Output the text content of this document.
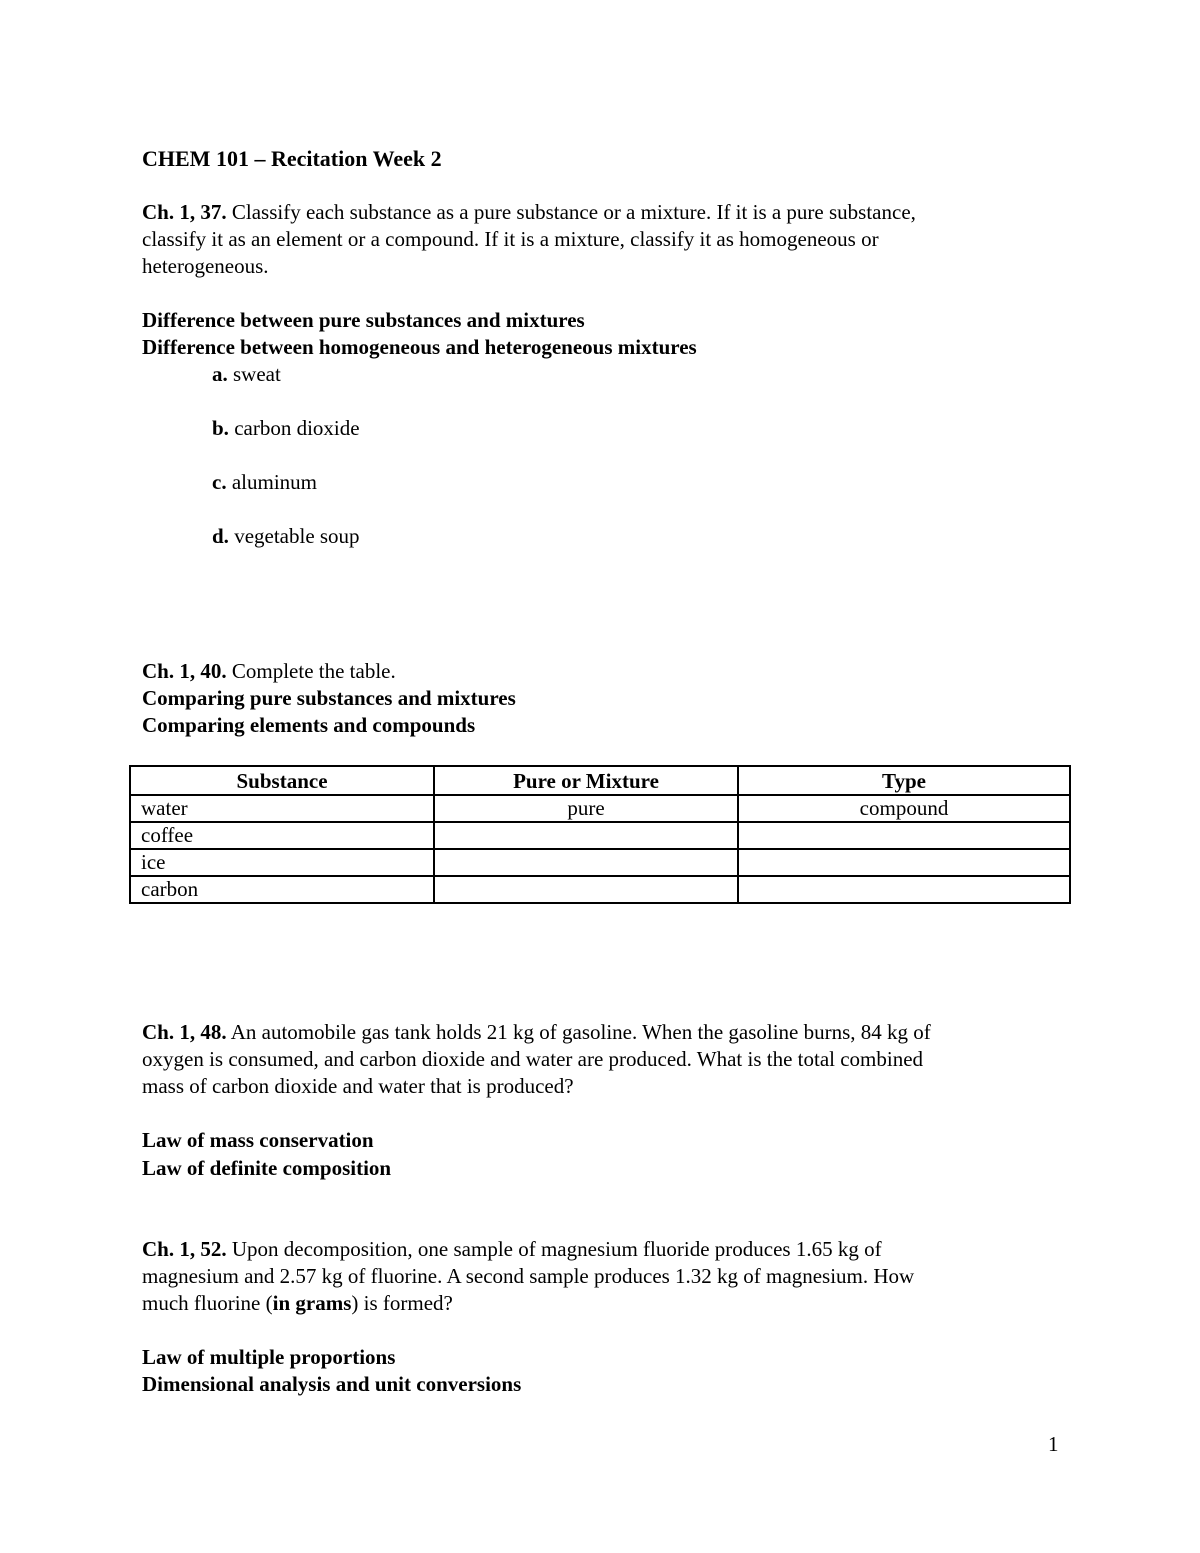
CHEM 101 – Recitation Week 2
Ch. 1, 37. Classify each substance as a pure substance or a mixture. If it is a pure substance,
classify it as an element or a compound. If it is a mixture, classify it as homogeneous or
heterogeneous.
Difference between pure substances and mixtures
Difference between homogeneous and heterogeneous mixtures
a. sweat
b. carbon dioxide
c. aluminum
d. vegetable soup
Ch. 1, 40. Complete the table.
Comparing pure substances and mixtures
Comparing elements and compounds
Substance	Pure or Mixture	Type
water	pure	compound
coffee		
ice		
carbon		
Ch. 1, 48. An automobile gas tank holds 21 kg of gasoline. When the gasoline burns, 84 kg of
oxygen is consumed, and carbon dioxide and water are produced. What is the total combined
mass of carbon dioxide and water that is produced?
Law of mass conservation
Law of definite composition
Ch. 1, 52. Upon decomposition, one sample of magnesium fluoride produces 1.65 kg of
magnesium and 2.57 kg of fluorine. A second sample produces 1.32 kg of magnesium. How
much fluorine (in grams) is formed?
Law of multiple proportions
Dimensional analysis and unit conversions
1
